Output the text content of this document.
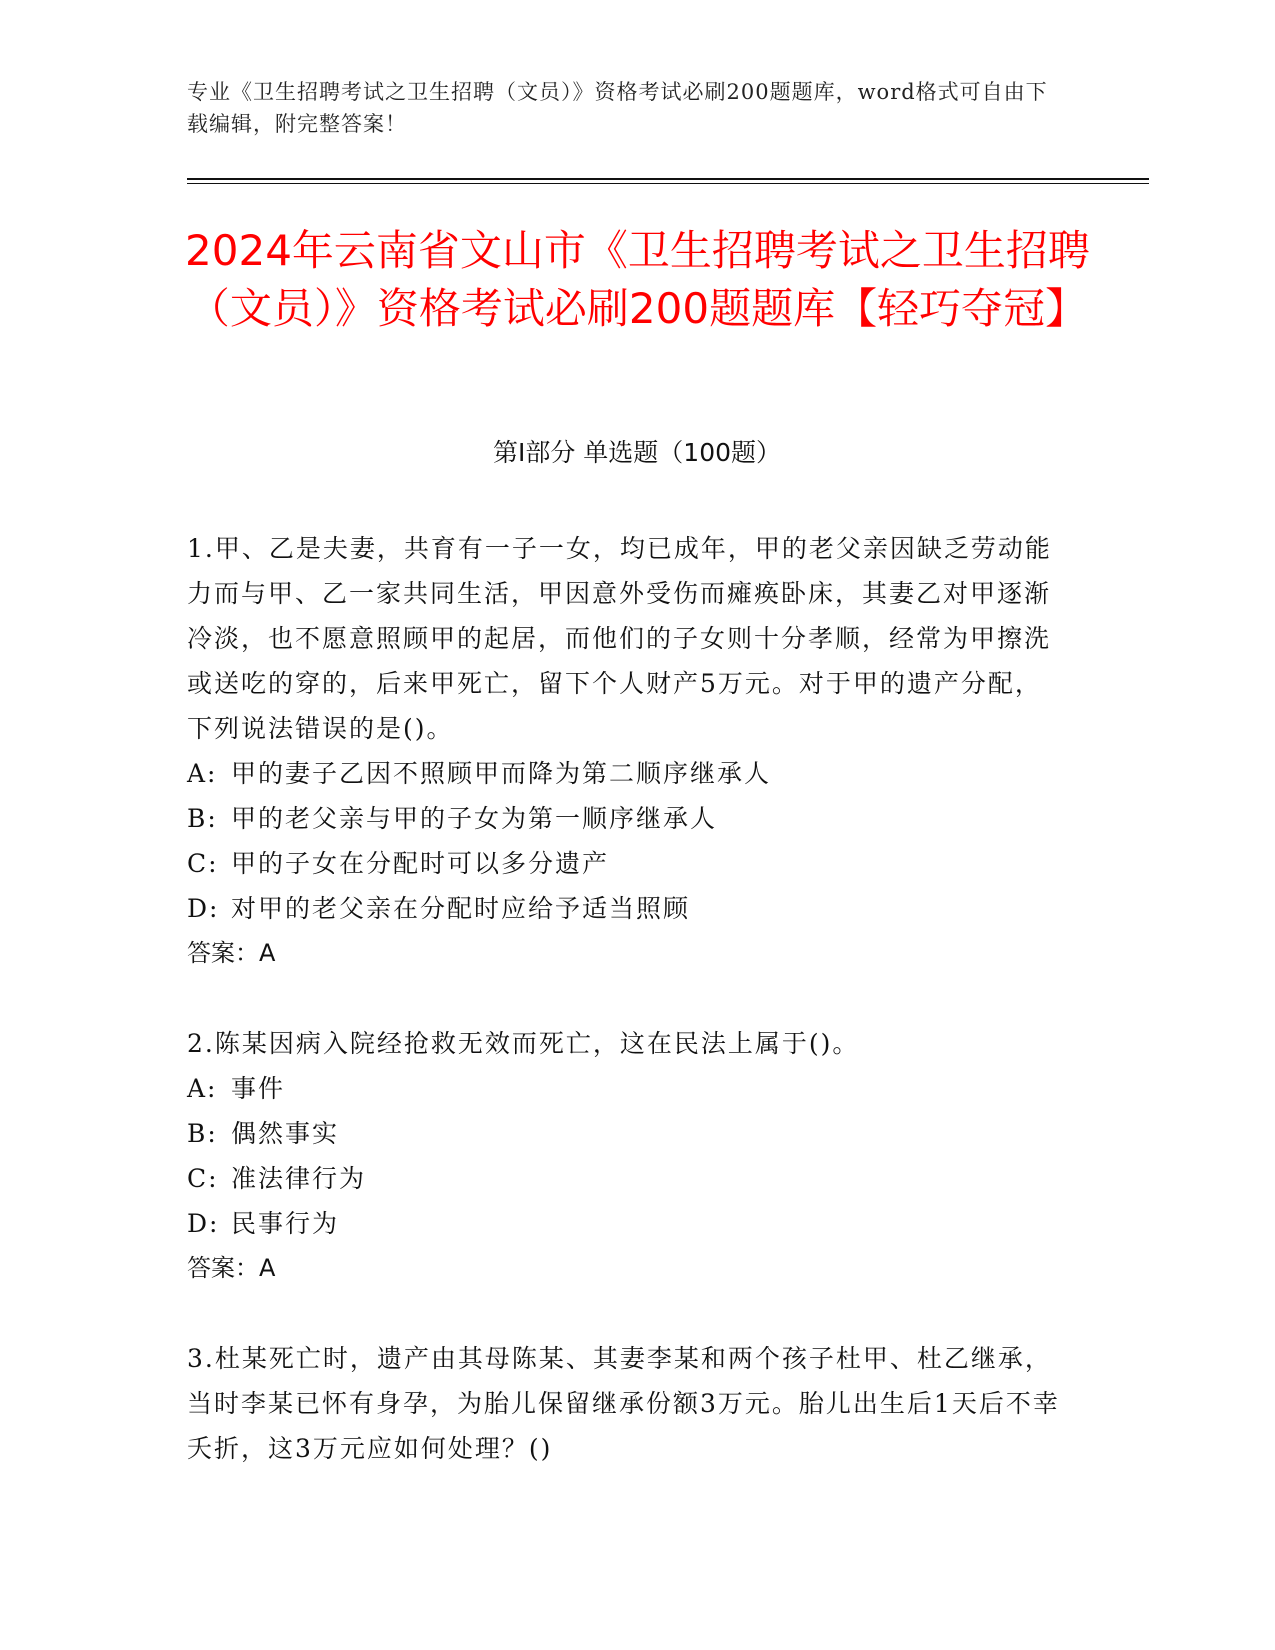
专业《卫生招聘考试之卫生招聘（文员）》资格考试必刷200题题库，word格式可自由下载编辑，附完整答案！
2024年云南省文山市《卫生招聘考试之卫生招聘（文员）》资格考试必刷200题题库【轻巧夺冠】
第I部分 单选题（100题）

1.甲、乙是夫妻，共育有一子一女，均已成年，甲的老父亲因缺乏劳动能力而与甲、乙一家共同生活，甲因意外受伤而瘫痪卧床，其妻乙对甲逐渐冷淡，也不愿意照顾甲的起居，而他们的子女则十分孝顺，经常为甲擦洗或送吃的穿的，后来甲死亡，留下个人财产5万元。对于甲的遗产分配，下列说法错误的是()。

A: 甲的妻子乙因不照顾甲而降为第二顺序继承人

B: 甲的老父亲与甲的子女为第一顺序继承人

C: 甲的子女在分配时可以多分遗产

D: 对甲的老父亲在分配时应给予适当照顾

答案：A

2.陈某因病入院经抢救无效而死亡，这在民法上属于()。

A: 事件

B: 偶然事实

C: 准法律行为

D: 民事行为

答案：A

3.杜某死亡时，遗产由其母陈某、其妻李某和两个孩子杜甲、杜乙继承，当时李某已怀有身孕，为胎儿保留继承份额3万元。胎儿出生后1天后不幸夭折，这3万元应如何处理？()
